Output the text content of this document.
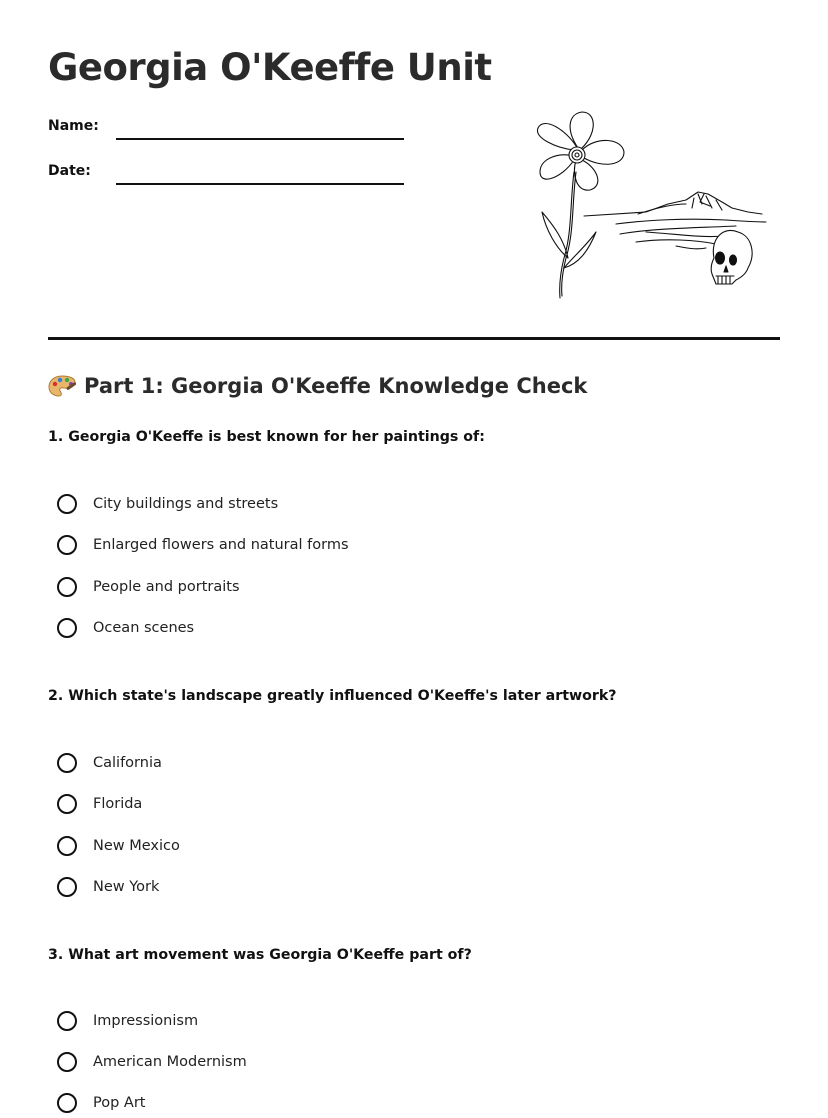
Georgia O'Keeffe Unit
Name:
Date:
Part 1: Georgia O'Keeffe Knowledge Check
1. Georgia O'Keeffe is best known for her paintings of:
City buildings and streets
Enlarged flowers and natural forms
People and portraits
Ocean scenes
2. Which state's landscape greatly influenced O'Keeffe's later artwork?
California
Florida
New Mexico
New York
3. What art movement was Georgia O'Keeffe part of?
Impressionism
American Modernism
Pop Art
